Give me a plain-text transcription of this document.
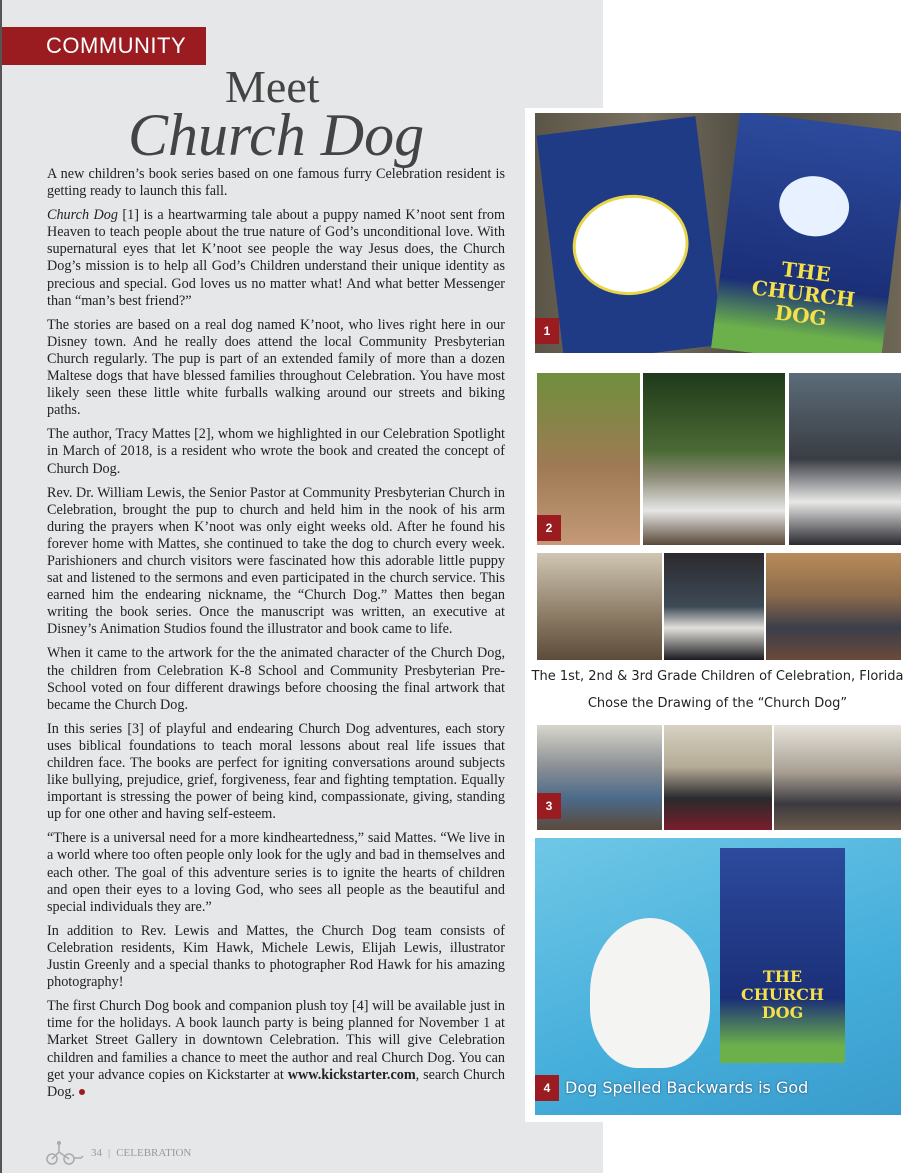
COMMUNITY
Meet
Church Dog

A new children’s book series based on one famous furry Celebration resident is getting ready to launch this fall.

Church Dog [1] is a heartwarming tale about a puppy named K’noot sent from Heaven to teach people about the true nature of God’s unconditional love. With supernatural eyes that let K’noot see people the way Jesus does, the Church Dog’s mission is to help all God’s Children understand their unique identity as precious and special. God loves us no matter what! And what better Messenger than “man’s best friend?”

The stories are based on a real dog named K’noot, who lives right here in our Disney town. And he really does attend the local Community Presbyterian Church regularly. The pup is part of an extended family of more than a dozen Maltese dogs that have blessed families throughout Celebration. You have most likely seen these little white furballs walking around our streets and biking paths.

The author, Tracy Mattes [2], whom we highlighted in our Celebration Spotlight in March of 2018, is a resident who wrote the book and created the concept of Church Dog.

Rev. Dr. William Lewis, the Senior Pastor at Community Presbyterian Church in Celebration, brought the pup to church and held him in the nook of his arm during the prayers when K’noot was only eight weeks old. After he found his forever home with Mattes, she continued to take the dog to church every week. Parishioners and church visitors were fascinated how this adorable little puppy sat and listened to the sermons and even participated in the church service. This earned him the endearing nickname, the “Church Dog.” Mattes then began writing the book series. Once the manuscript was written, an executive at Disney’s Animation Studios found the illustrator and book came to life.

When it came to the artwork for the the animated character of the Church Dog, the children from Celebration K-8 School and Community Presbyterian Pre-School voted on four different drawings before choosing the final artwork that became the Church Dog.

In this series [3] of playful and endearing Church Dog adventures, each story uses biblical foundations to teach moral lessons about real life issues that children face. The books are perfect for igniting conversations around subjects like bullying, prejudice, grief, forgiveness, fear and fighting temptation. Equally important is stressing the power of being kind, compassionate, giving, standing up for one other and having self-esteem.

“There is a universal need for a more kindheartedness,” said Mattes. “We live in a world where too often people only look for the ugly and bad in themselves and each other. The goal of this adventure series is to ignite the hearts of children and open their eyes to a loving God, who sees all people as the beautiful and special individuals they are.”

In addition to Rev. Lewis and Mattes, the Church Dog team consists of Celebration residents, Kim Hawk, Michele Lewis, Elijah Lewis, illustrator Justin Greenly and a special thanks to photographer Rod Hawk for his amazing photography!

The first Church Dog book and companion plush toy [4] will be available just in time for the holidays. A book launch party is being planned for November 1 at Market Street Gallery in downtown Celebration. This will give Celebration children and families a chance to meet the author and real Church Dog. You can get your advance copies on Kickstarter at www.kickstarter.com, search Church Dog.

34 | CELEBRATION
THE CHURCH DOG
1
2
The 1st, 2nd & 3rd Grade Children of Celebration, Florida
Chose the Drawing of the “Church Dog”
3
THE CHURCH DOG
Dog Spelled Backwards is God
4
